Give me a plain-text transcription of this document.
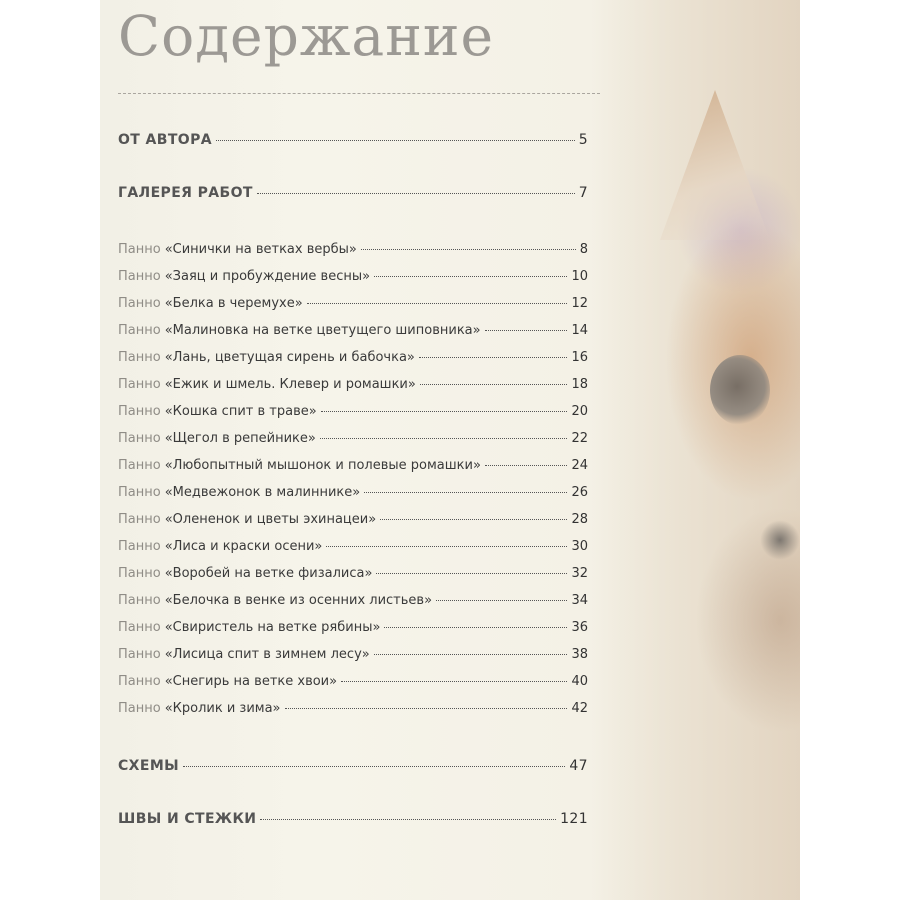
Содержание
ОТ АВТОРА	5
ГАЛЕРЕЯ РАБОТ	7
Панно «Синички на ветках вербы»	8
Панно «Заяц и пробуждение весны»	10
Панно «Белка в черемухе»	12
Панно «Малиновка на ветке цветущего шиповника»	14
Панно «Лань, цветущая сирень и бабочка»	16
Панно «Ежик и шмель. Клевер и ромашки»	18
Панно «Кошка спит в траве»	20
Панно «Щегол в репейнике»	22
Панно «Любопытный мышонок и полевые ромашки»	24
Панно «Медвежонок в малиннике»	26
Панно «Олененок и цветы эхинацеи»	28
Панно «Лиса и краски осени»	30
Панно «Воробей на ветке физалиса»	32
Панно «Белочка в венке из осенних листьев»	34
Панно «Свиристель на ветке рябины»	36
Панно «Лисица спит в зимнем лесу»	38
Панно «Снегирь на ветке хвои»	40
Панно «Кролик и зима»	42
СХЕМЫ	47
ШВЫ И СТЕЖКИ	121
